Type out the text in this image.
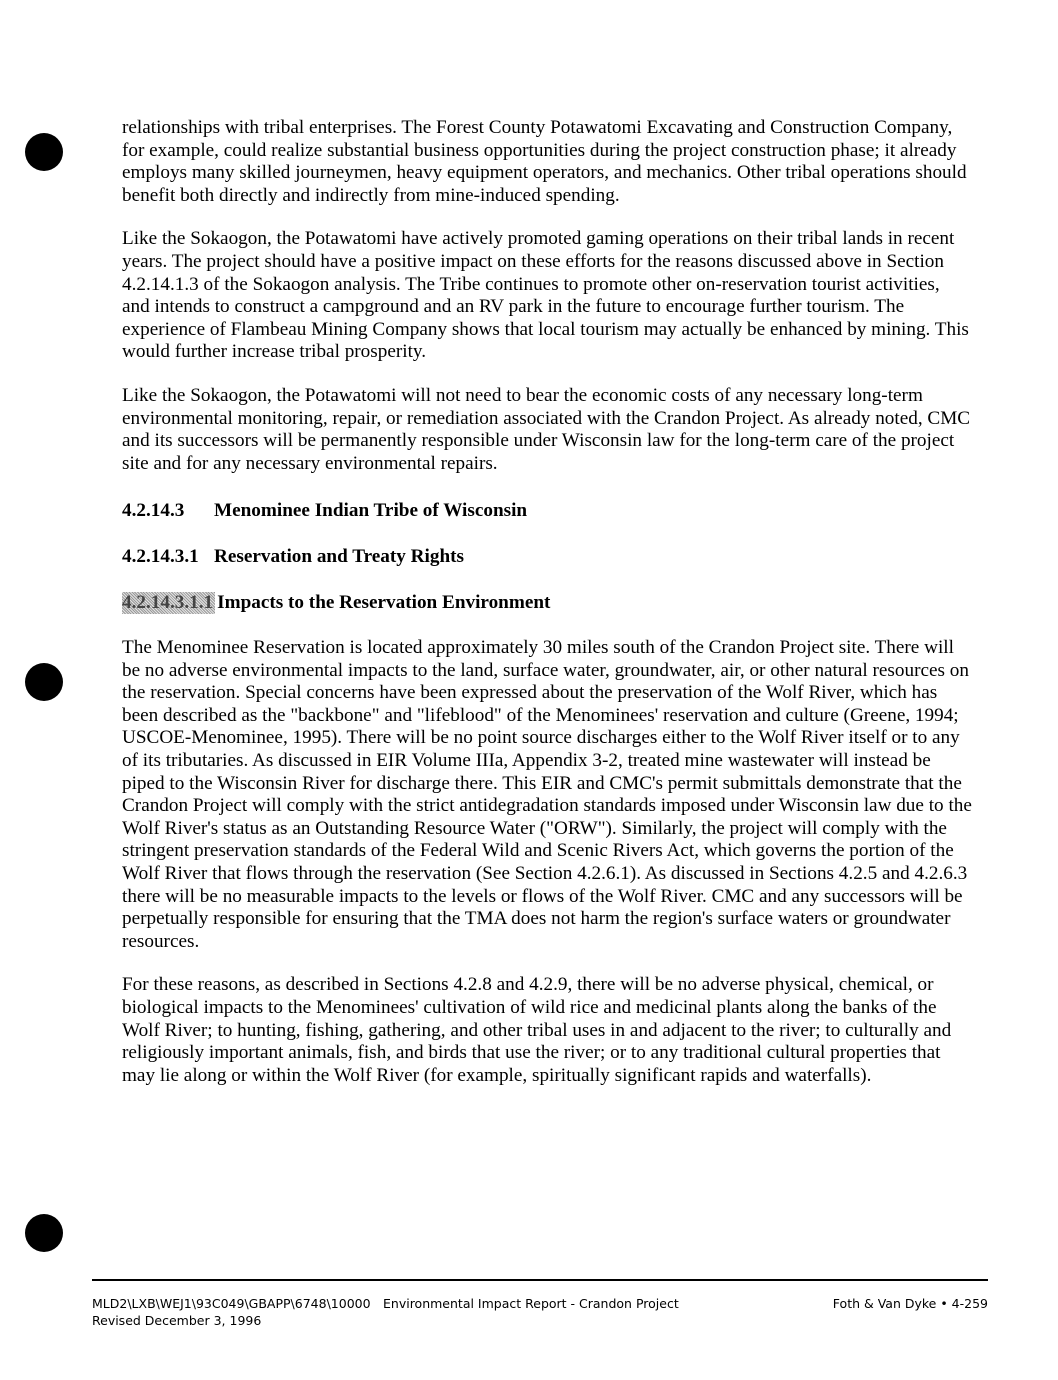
relationships with tribal enterprises. The Forest County Potawatomi Excavating and Construction Company, for example, could realize substantial business opportunities during the project construction phase; it already employs many skilled journeymen, heavy equipment operators, and mechanics. Other tribal operations should benefit both directly and indirectly from mine-induced spending.

Like the Sokaogon, the Potawatomi have actively promoted gaming operations on their tribal lands in recent years. The project should have a positive impact on these efforts for the reasons discussed above in Section 4.2.14.1.3 of the Sokaogon analysis. The Tribe continues to promote other on-reservation tourist activities, and intends to construct a campground and an RV park in the future to encourage further tourism. The experience of Flambeau Mining Company shows that local tourism may actually be enhanced by mining. This would further increase tribal prosperity.

Like the Sokaogon, the Potawatomi will not need to bear the economic costs of any necessary long-term environmental monitoring, repair, or remediation associated with the Crandon Project. As already noted, CMC and its successors will be permanently responsible under Wisconsin law for the long-term care of the project site and for any necessary environmental repairs.

4.2.14.3 Menominee Indian Tribe of Wisconsin

4.2.14.3.1 Reservation and Treaty Rights

4.2.14.3.1.1 Impacts to the Reservation Environment

The Menominee Reservation is located approximately 30 miles south of the Crandon Project site. There will be no adverse environmental impacts to the land, surface water, groundwater, air, or other natural resources on the reservation. Special concerns have been expressed about the preservation of the Wolf River, which has been described as the "backbone" and "lifeblood" of the Menominees' reservation and culture (Greene, 1994; USCOE-Menominee, 1995). There will be no point source discharges either to the Wolf River itself or to any of its tributaries. As discussed in EIR Volume IIIa, Appendix 3-2, treated mine wastewater will instead be piped to the Wisconsin River for discharge there. This EIR and CMC's permit submittals demonstrate that the Crandon Project will comply with the strict antidegradation standards imposed under Wisconsin law due to the Wolf River's status as an Outstanding Resource Water ("ORW"). Similarly, the project will comply with the stringent preservation standards of the Federal Wild and Scenic Rivers Act, which governs the portion of the Wolf River that flows through the reservation (See Section 4.2.6.1). As discussed in Sections 4.2.5 and 4.2.6.3 there will be no measurable impacts to the levels or flows of the Wolf River. CMC and any successors will be perpetually responsible for ensuring that the TMA does not harm the region's surface waters or groundwater resources.

For these reasons, as described in Sections 4.2.8 and 4.2.9, there will be no adverse physical, chemical, or biological impacts to the Menominees' cultivation of wild rice and medicinal plants along the banks of the Wolf River; to hunting, fishing, gathering, and other tribal uses in and adjacent to the river; to culturally and religiously important animals, fish, and birds that use the river; or to any traditional cultural properties that may lie along or within the Wolf River (for example, spiritually significant rapids and waterfalls).

MLD2\LXB\WEJ1\93C049\GBAPP\6748\10000 Environmental Impact Report - Crandon Project	Foth & Van Dyke • 4-259
Revised December 3, 1996
